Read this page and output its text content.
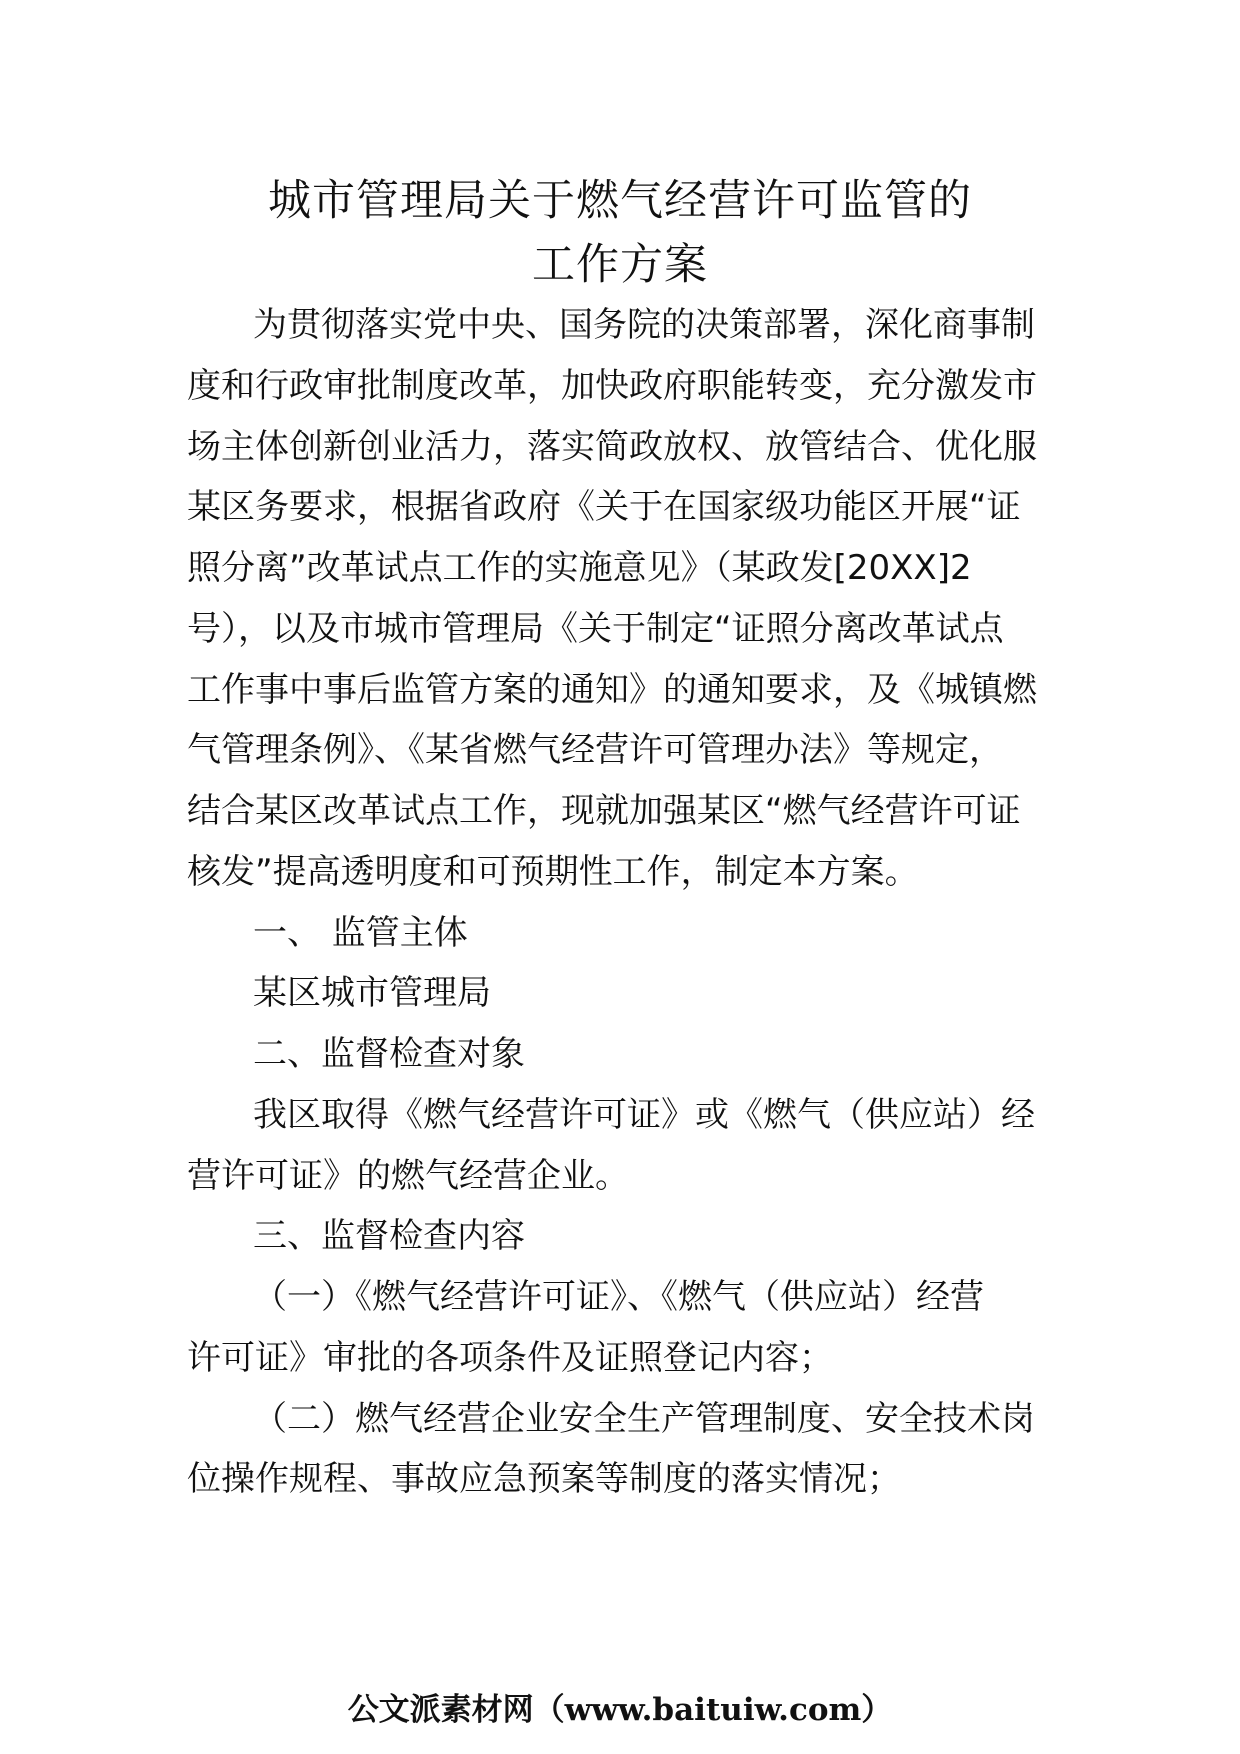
城市管理局关于燃气经营许可监管的
工作方案
为贯彻落实党中央、国务院的决策部署，深化商事制
度和行政审批制度改革，加快政府职能转变，充分激发市
场主体创新创业活力，落实简政放权、放管结合、优化服
某区务要求，根据省政府《关于在国家级功能区开展“证
照分离”改革试点工作的实施意见》（某政发[20XX]2
号），以及市城市管理局《关于制定“证照分离改革试点
工作事中事后监管方案的通知》的通知要求，及《城镇燃
气管理条例》、《某省燃气经营许可管理办法》等规定，
结合某区改革试点工作，现就加强某区“燃气经营许可证
核发”提高透明度和可预期性工作，制定本方案。
一、 监管主体
某区城市管理局
二、监督检查对象
我区取得《燃气经营许可证》或《燃气（供应站）经
营许可证》的燃气经营企业。
三、监督检查内容
（一）《燃气经营许可证》、《燃气（供应站）经营
许可证》审批的各项条件及证照登记内容；
（二）燃气经营企业安全生产管理制度、安全技术岗
位操作规程、事故应急预案等制度的落实情况；
公文派素材网（www.baituiw.com）
